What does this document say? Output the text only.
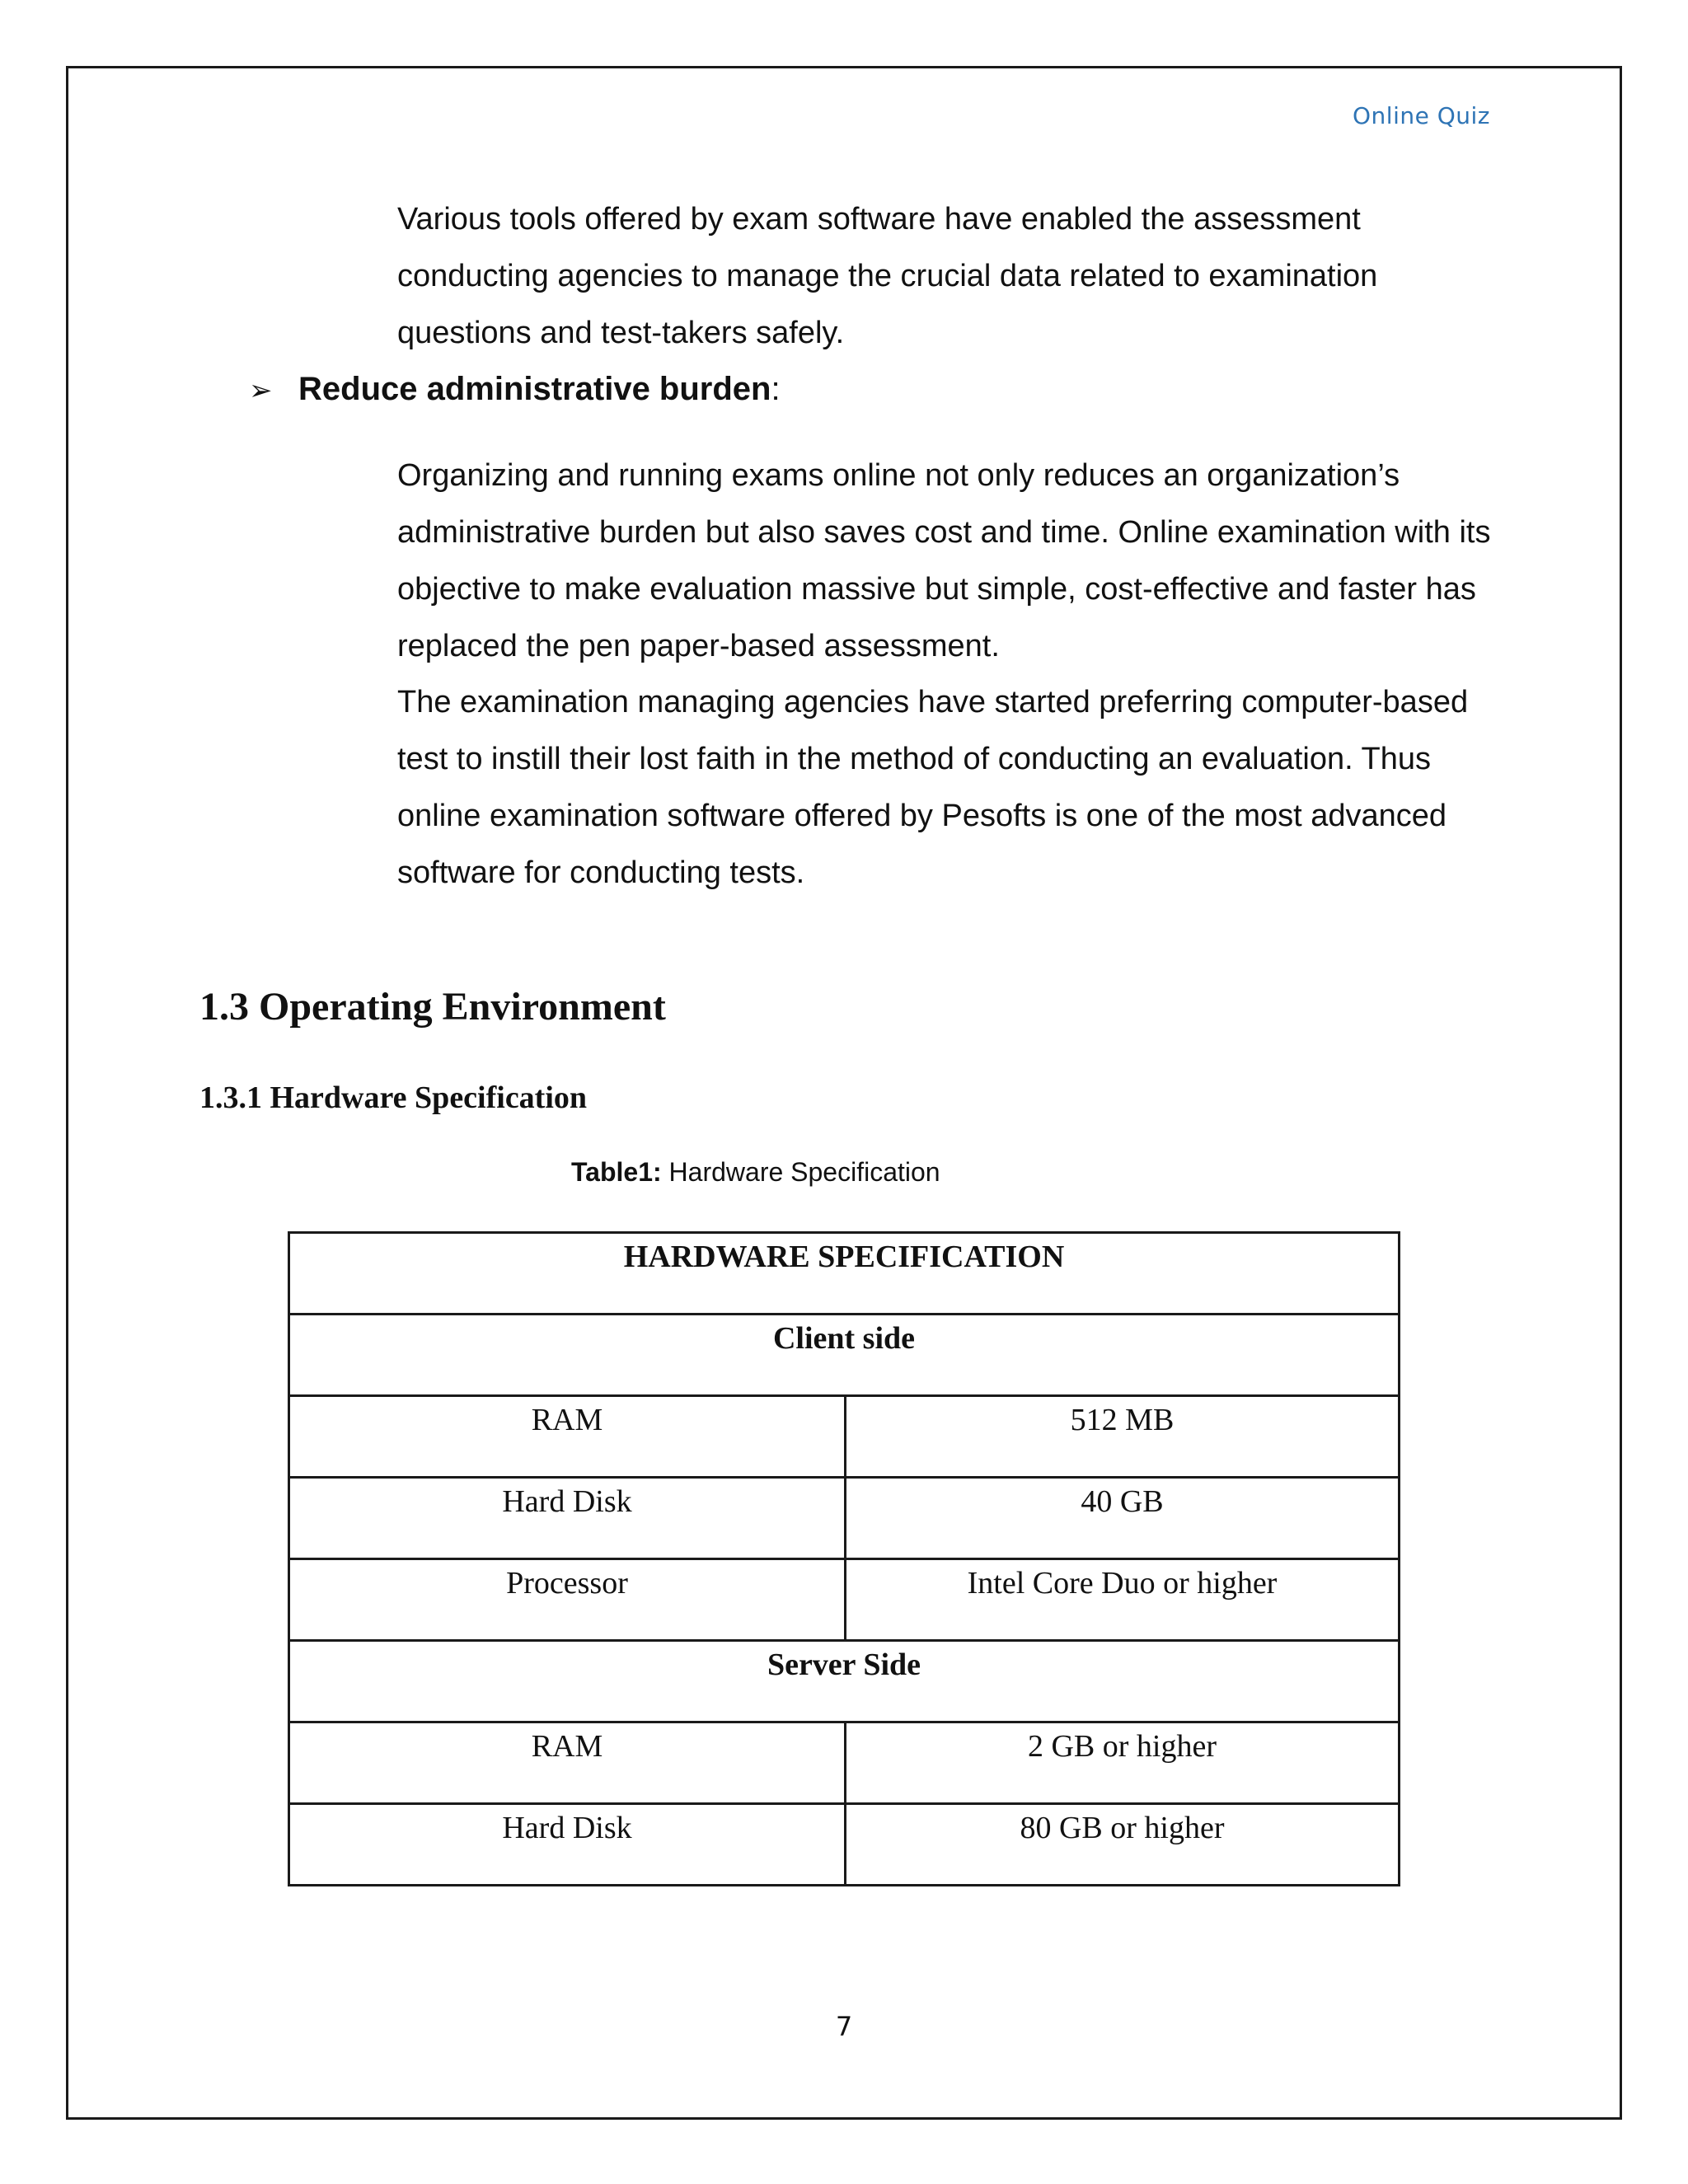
Online Quiz

Various tools offered by exam software have enabled the assessment conducting agencies to manage the crucial data related to examination questions and test-takers safely.

➢ Reduce administrative burden:

Organizing and running exams online not only reduces an organization’s administrative burden but also saves cost and time. Online examination with its objective to make evaluation massive but simple, cost-effective and faster has replaced the pen paper-based assessment.

The examination managing agencies have started preferring computer-based test to instill their lost faith in the method of conducting an evaluation. Thus online examination software offered by Pesofts is one of the most advanced software for conducting tests.

1.3 Operating Environment
1.3.1 Hardware Specification
Table1: Hardware Specification
HARDWARE SPECIFICATION	
Client side	
RAM	512 MB
Hard Disk	40 GB
Processor	Intel Core Duo or higher
Server Side	
RAM	2 GB or higher
Hard Disk	80 GB or higher
7
